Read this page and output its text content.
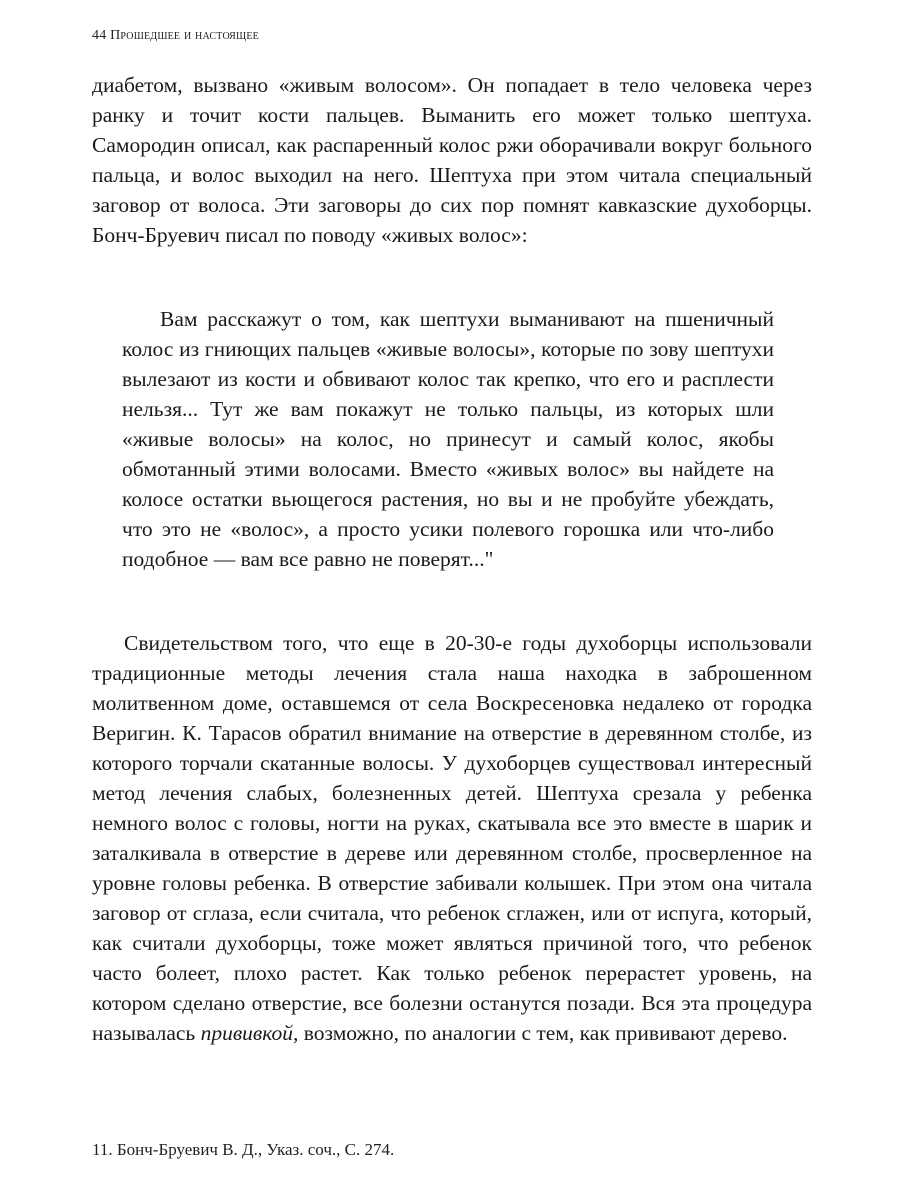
44 Прошедшее и настоящее

диабетом, вызвано «живым волосом». Он попадает в тело человека через ранку и точит кости пальцев. Выманить его может только шептуха. Самородин описал, как распаренный колос ржи оборачивали вокруг больного пальца, и волос выходил на него. Шептуха при этом читала специальный заговор от волоса. Эти заговоры до сих пор помнят кавказские духоборцы. Бонч-Бруевич писал по поводу «живых волос»:

Вам расскажут о том, как шептухи выманивают на пшеничный колос из гниющих пальцев «живые волосы», которые по зову шептухи вылезают из кости и обвивают колос так крепко, что его и расплести нельзя... Тут же вам покажут не только пальцы, из которых шли «живые волосы» на колос, но принесут и самый колос, якобы обмотанный этими волосами. Вместо «живых волос» вы найдете на колосе остатки вьющегося растения, но вы и не пробуйте убеждать, что это не «волос», а просто усики полевого горошка или что-либо подобное — вам все равно не поверят..."

Свидетельством того, что еще в 20-30-е годы духоборцы использовали традиционные методы лечения стала наша находка в заброшенном молитвенном доме, оставшемся от села Воскресеновка недалеко от городка Веригин. К. Тарасов обратил внимание на отверстие в деревянном столбе, из которого торчали скатанные волосы. У духоборцев существовал интересный метод лечения слабых, болезненных детей. Шептуха срезала у ребенка немного волос с головы, ногти на руках, скатывала все это вместе в шарик и заталкивала в отверстие в дереве или деревянном столбе, просверленное на уровне головы ребенка. В отверстие забивали колышек. При этом она читала заговор от сглаза, если считала, что ребенок сглажен, или от испуга, который, как считали духоборцы, тоже может являться причиной того, что ребенок часто болеет, плохо растет. Как только ребенок перерастет уровень, на котором сделано отверстие, все болезни останутся позади. Вся эта процедура называлась прививкой, возможно, по аналогии с тем, как прививают дерево.

11. Бонч-Бруевич В. Д., Указ. соч., С. 274.
